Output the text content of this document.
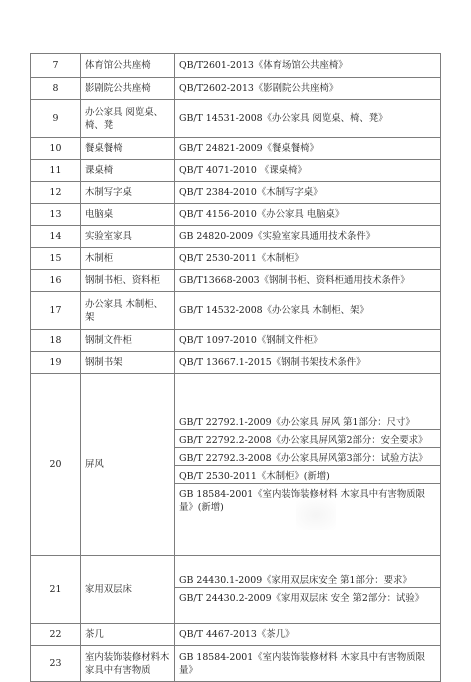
7	体育馆公共座椅	QB/T2601-2013《体育场馆公共座椅》

8	影剧院公共座椅	QB/T2602-2013《影剧院公共座椅》

9	办公家具 阅览桌、椅、凳	GB/T 14531-2008《办公家具 阅览桌、椅、凳》

10	餐桌餐椅	GB/T 24821-2009《餐桌餐椅》

11	课桌椅	QB/T 4071-2010 《课桌椅》

12	木制写字桌	QB/T 2384-2010《木制写字桌》

13	电脑桌	QB/T 4156-2010《办公家具 电脑桌》

14	实验室家具	GB 24820-2009《实验室家具通用技术条件》

15	木制柜	QB/T 2530-2011《木制柜》

16	钢制书柜、资料柜	GB/T13668-2003《钢制书柜、资料柜通用技术条件》

17	办公家具 木制柜、架	GB/T 14532-2008《办公家具 木制柜、架》

18	钢制文件柜	QB/T 1097-2010《钢制文件柜》

19	钢制书架	QB/T 13667.1-2015《钢制书架技术条件》

20	屏风	GB/T 22792.1-2009《办公家具 屏风 第1部分：尺寸》
GB/T 22792.2-2008《办公家具屏风第2部分：安全要求》
GB/T 22792.3-2008《办公家具屏风第3部分：试验方法》
QB/T 2530-2011《木制柜》(新增)
GB 18584-2001《室内装饰装修材料 木家具中有害物质限量》(新增)

21	家用双层床	GB 24430.1-2009《家用双层床安全 第1部分：要求》
GB/T 24430.2-2009《家用双层床 安全 第2部分：试验》

22	茶几	QB/T 4467-2013《茶几》

23	室内装饰装修材料木家具中有害物质	GB 18584-2001《室内装饰装修材料 木家具中有害物质限量》
